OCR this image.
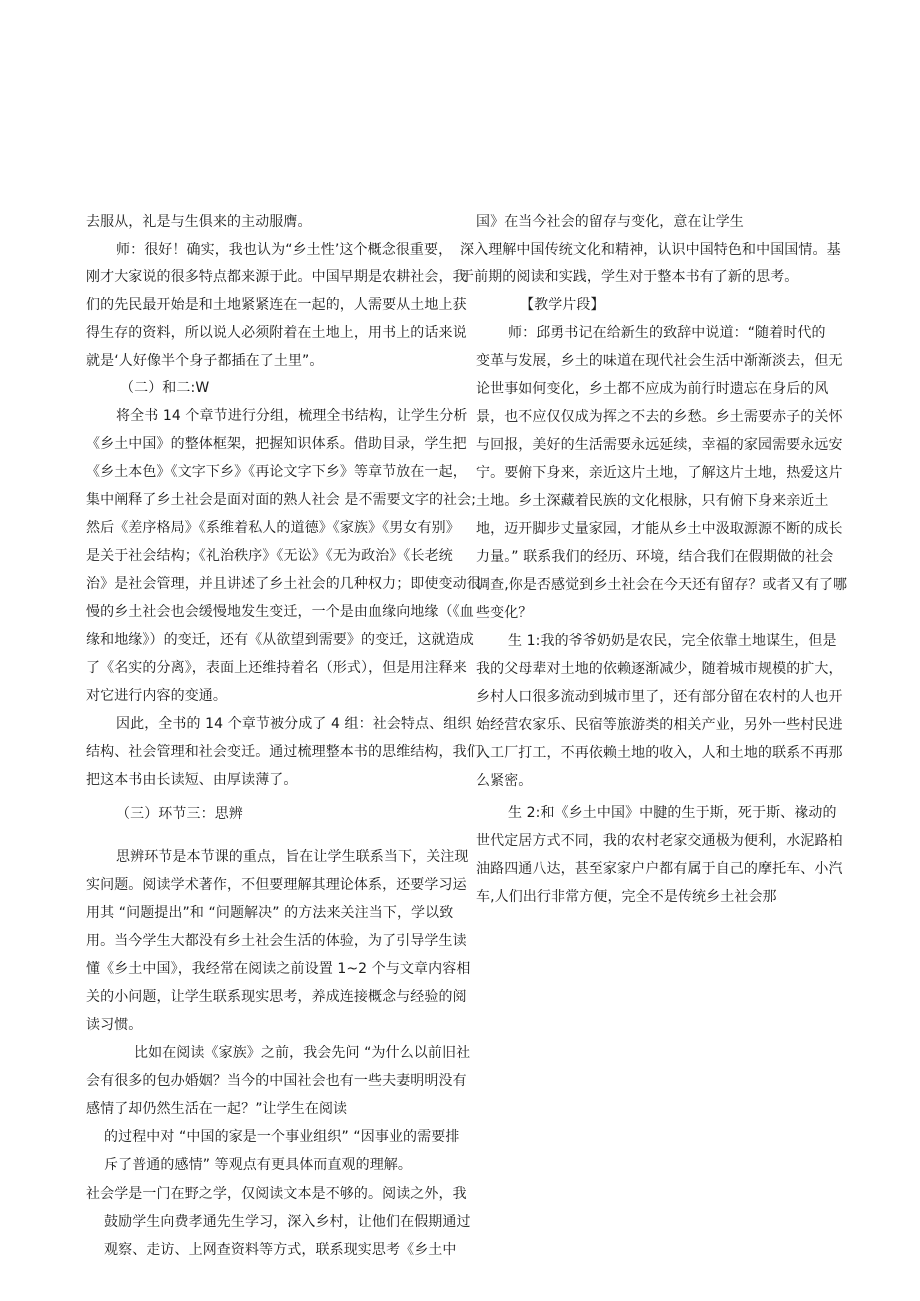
去服从，礼是与生俱来的主动服膺。
师：很好！确实，我也认为“乡土性’这个概念很重要，
刚才大家说的很多特点都来源于此。中国早期是农耕社会，我
们的先民最开始是和土地紧紧连在一起的，人需要从土地上获
得生存的资料，所以说人必须附着在土地上，用书上的话来说
就是‘人好像半个身子都插在了土里”。
（二）和二:W
将全书 14 个章节进行分组，梳理全书结构，让学生分析
《乡土中国》的整体框架，把握知识体系。借助目录，学生把
《乡土本色》《文字下乡》《再论文字下乡》等章节放在一起，
集中阐释了乡土社会是面对面的熟人社会 是不需要文字的社会;
然后《差序格局》《系维着私人的道德》《家族》《男女有别》
是关于社会结构；《礼治秩序》《无讼》《无为政治》《长老统
治》是社会管理，并且讲述了乡土社会的几种权力；即使变动很
慢的乡土社会也会缓慢地发生变迁，一个是由血缘向地缘（《血
缘和地缘》）的变迁，还有《从欲望到需要》的变迁，这就造成
了《名实的分离》，表面上还维持着名（形式），但是用注释来
对它进行内容的变通。
因此，全书的 14 个章节被分成了 4 组：社会特点、组织
结构、社会管理和社会变迁。通过梳理整本书的思维结构，我们
把这本书由长读短、由厚读薄了。
（三）环节三：思辨
思辨环节是本节课的重点，旨在让学生联系当下，关注现
实问题。阅读学术著作，不但要理解其理论体系，还要学习运
用其 “问题提出”和 “问题解决” 的方法来关注当下，学以致
用。当今学生大都没有乡土社会生活的体验，为了引导学生读
懂《乡土中国》，我经常在阅读之前设置 1~2 个与文章内容相
关的小问题，让学生联系现实思考，养成连接概念与经验的阅
读习惯。
比如在阅读《家族》之前，我会先问 “为什么以前旧社
会有很多的包办婚姻？当今的中国社会也有一些夫妻明明没有
感情了却仍然生活在一起？”让学生在阅读
的过程中对 “中国的家是一个事业组织” “因事业的需要排
斥了普通的感情” 等观点有更具体而直观的理解。
社会学是一门在野之学，仅阅读文本是不够的。阅读之外，我
鼓励学生向费孝通先生学习，深入乡村，让他们在假期通过
观察、走访、上网查资料等方式，联系现实思考《乡土中
国》在当今社会的留存与变化，意在让学生
深入理解中国传统文化和精神，认识中国特色和中国国情。基
于前期的阅读和实践，学生对于整本书有了新的思考。
【教学片段】
师：邱勇书记在给新生的致辞中说道：“随着时代的
变革与发展，乡土的味道在现代社会生活中渐渐淡去，但无
论世事如何变化，乡土都不应成为前行时遗忘在身后的风
景，也不应仅仅成为挥之不去的乡愁。乡土需要赤子的关怀
与回报，美好的生活需要永远延续，幸福的家园需要永远安
宁。要俯下身来，亲近这片土地，了解这片土地，热爱这片
土地。乡土深藏着民族的文化根脉，只有俯下身来亲近土
地，迈开脚步丈量家园，才能从乡土中汲取源源不断的成长
力量。” 联系我们的经历、环境，结合我们在假期做的社会
调查,你是否感觉到乡土社会在今天还有留存？或者又有了哪
些变化？
生 1:我的爷爷奶奶是农民，完全依靠土地谋生，但是
我的父母辈对土地的依赖逐渐减少，随着城市规模的扩大，
乡村人口很多流动到城市里了，还有部分留在农村的人也开
始经营农家乐、民宿等旅游类的相关产业，另外一些村民进
入工厂打工，不再依赖土地的收入，人和土地的联系不再那
么紧密。
生 2:和《乡土中国》中腱的生于斯，死于斯、禒动的
世代定居方式不同，我的农村老家交通极为便利，水泥路柏
油路四通八达，甚至家家户户都有属于自己的摩托车、小汽
车,人们出行非常方便，完全不是传统乡土社会那
